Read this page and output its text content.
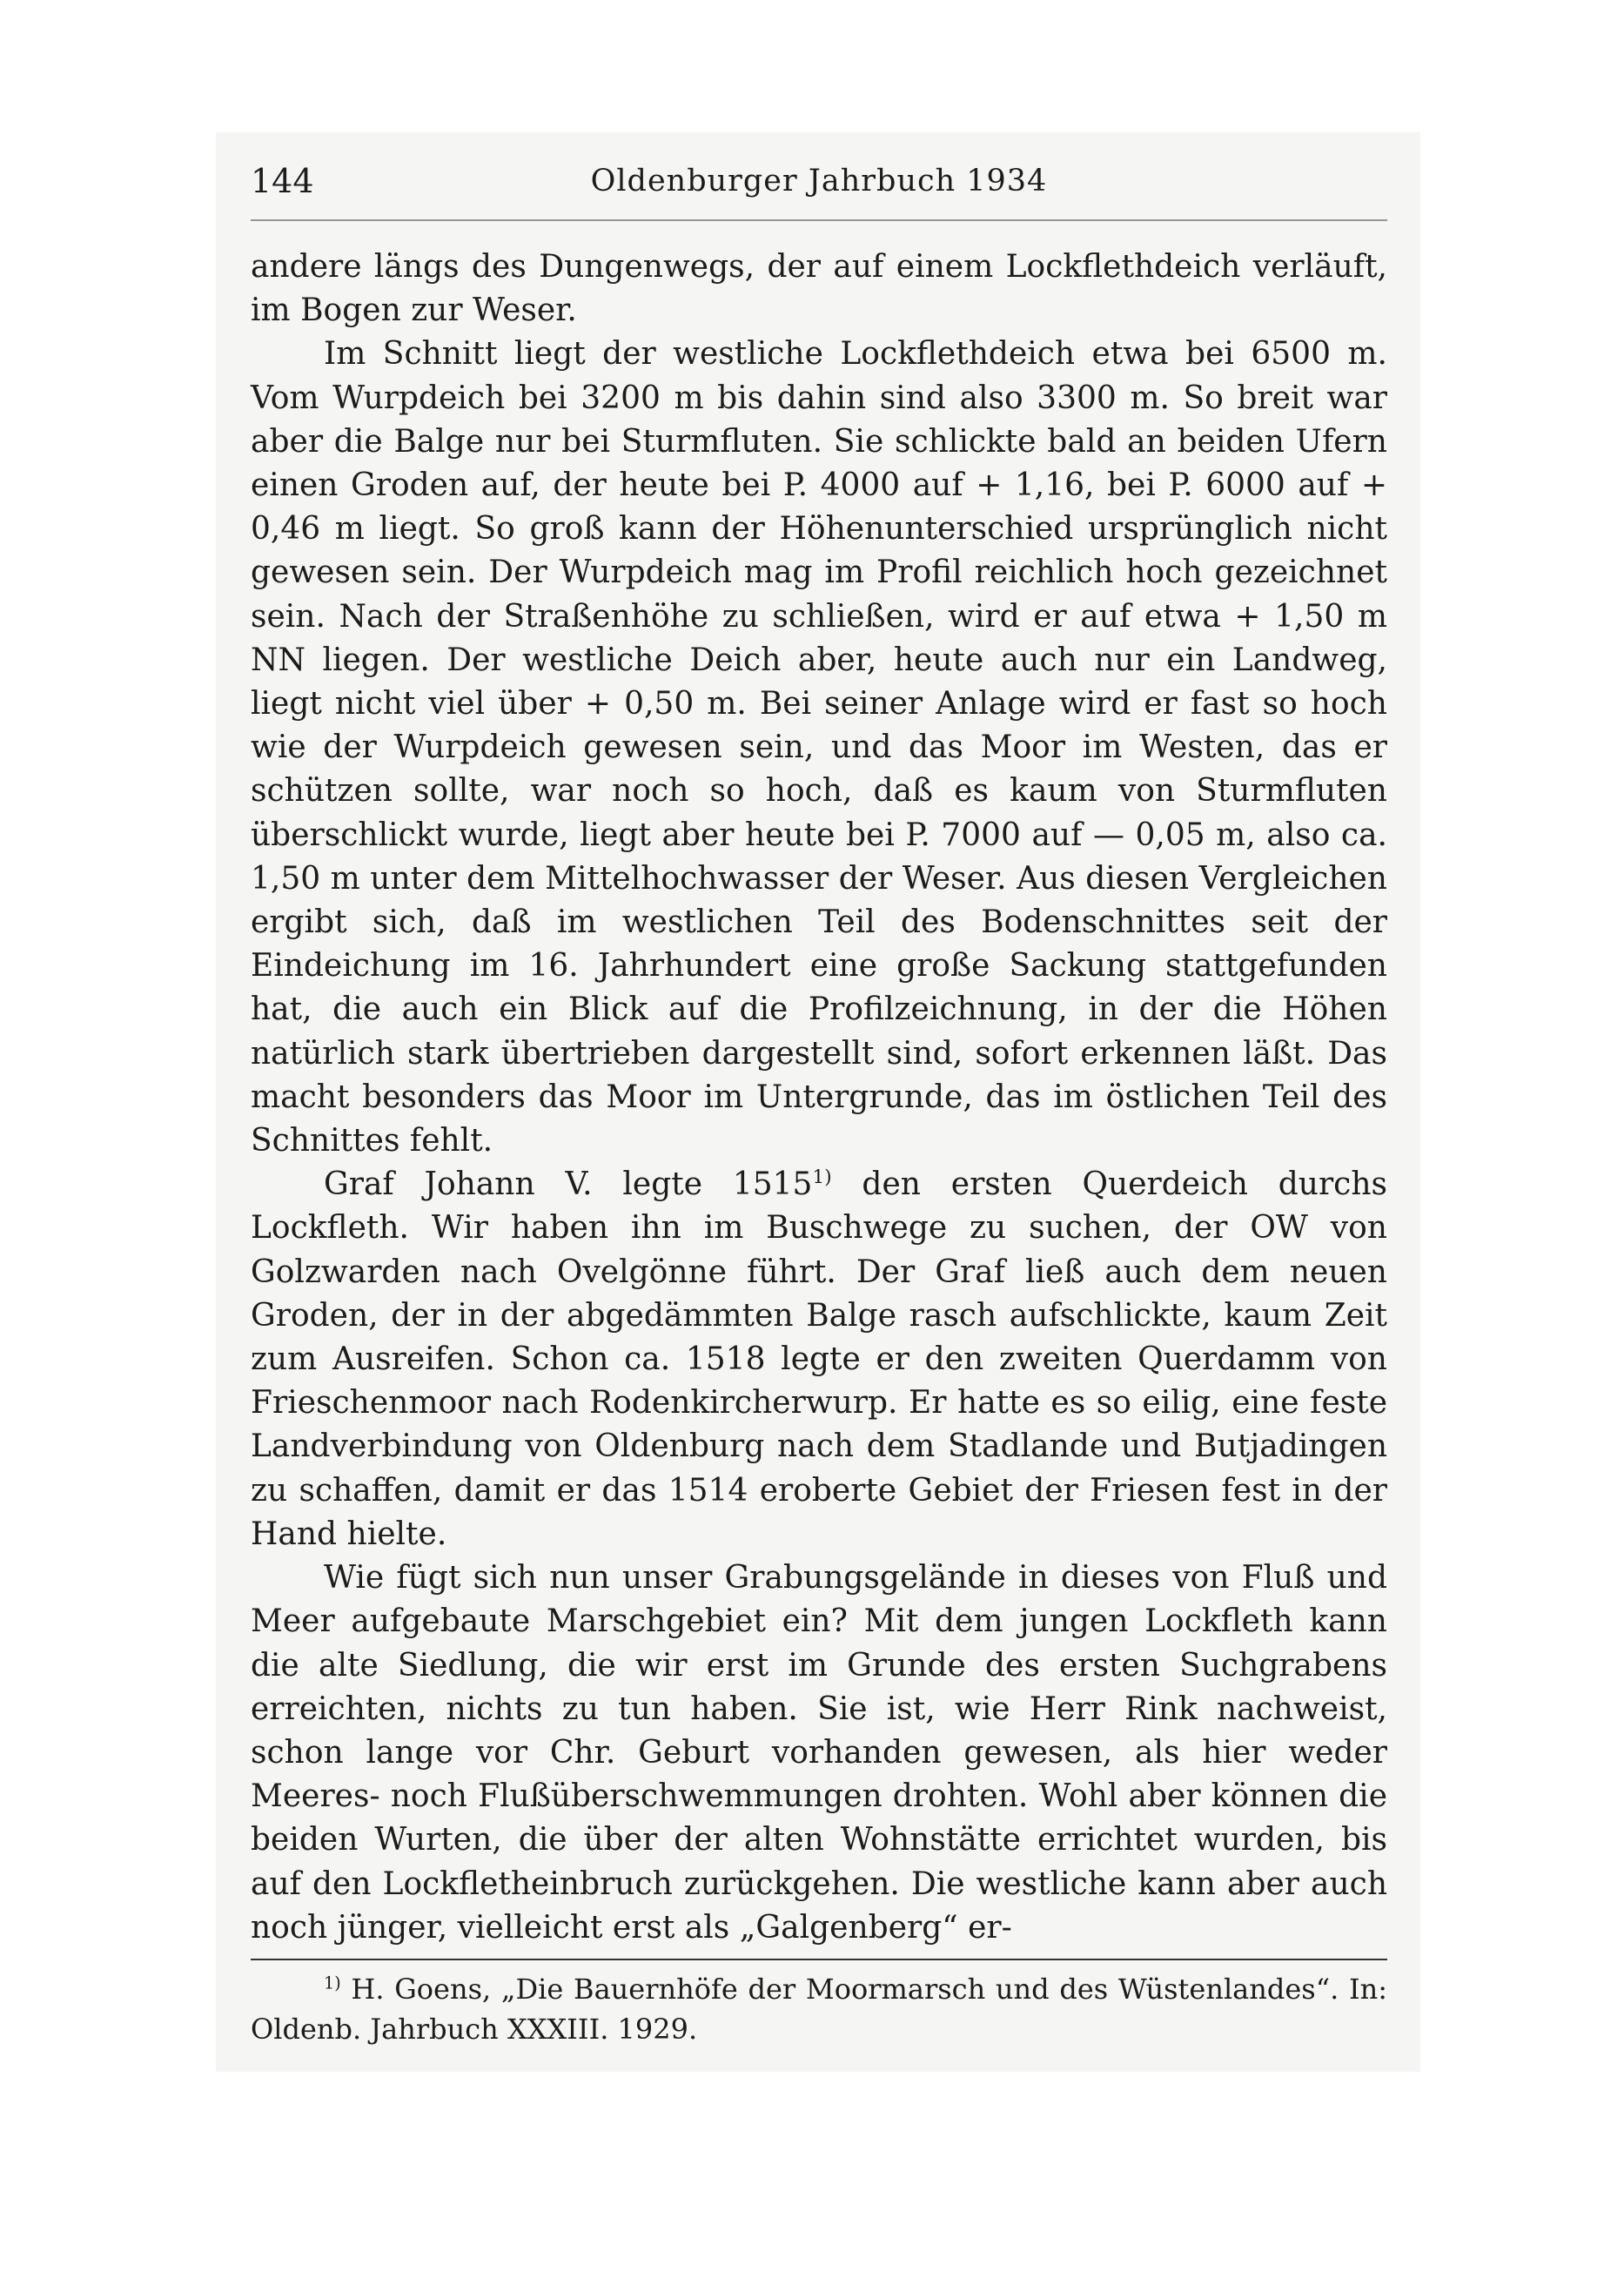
144	Oldenburger Jahrbuch 1934

andere längs des Dungenwegs, der auf einem Lockflethdeich verläuft, im Bogen zur Weser.

Im Schnitt liegt der westliche Lockflethdeich etwa bei 6500 m. Vom Wurpdeich bei 3200 m bis dahin sind also 3300 m. So breit war aber die Balge nur bei Sturmfluten. Sie schlickte bald an beiden Ufern einen Groden auf, der heute bei P. 4000 auf + 1,16, bei P. 6000 auf + 0,46 m liegt. So groß kann der Höhenunterschied ursprünglich nicht gewesen sein. Der Wurpdeich mag im Profil reichlich hoch gezeichnet sein. Nach der Straßenhöhe zu schließen, wird er auf etwa + 1,50 m NN liegen. Der westliche Deich aber, heute auch nur ein Landweg, liegt nicht viel über + 0,50 m. Bei seiner Anlage wird er fast so hoch wie der Wurpdeich gewesen sein, und das Moor im Westen, das er schützen sollte, war noch so hoch, daß es kaum von Sturmfluten überschlickt wurde, liegt aber heute bei P. 7000 auf — 0,05 m, also ca. 1,50 m unter dem Mittelhochwasser der Weser. Aus diesen Vergleichen ergibt sich, daß im westlichen Teil des Bodenschnittes seit der Eindeichung im 16. Jahrhundert eine große Sackung stattgefunden hat, die auch ein Blick auf die Profilzeichnung, in der die Höhen natürlich stark übertrieben dargestellt sind, sofort erkennen läßt. Das macht besonders das Moor im Untergrunde, das im östlichen Teil des Schnittes fehlt.

Graf Johann V. legte 1515$^{1)}$ den ersten Querdeich durchs Lockfleth. Wir haben ihn im Buschwege zu suchen, der OW von Golzwarden nach Ovelgönne führt. Der Graf ließ auch dem neuen Groden, der in der abgedämmten Balge rasch aufschlickte, kaum Zeit zum Ausreifen. Schon ca. 1518 legte er den zweiten Querdamm von Frieschenmoor nach Rodenkircherwurp. Er hatte es so eilig, eine feste Landverbindung von Oldenburg nach dem Stadlande und Butjadingen zu schaffen, damit er das 1514 eroberte Gebiet der Friesen fest in der Hand hielte.

Wie fügt sich nun unser Grabungsgelände in dieses von Fluß und Meer aufgebaute Marschgebiet ein? Mit dem jungen Lockfleth kann die alte Siedlung, die wir erst im Grunde des ersten Suchgrabens erreichten, nichts zu tun haben. Sie ist, wie Herr Rink nachweist, schon lange vor Chr. Geburt vorhanden gewesen, als hier weder Meeres- noch Flußüberschwemmungen drohten. Wohl aber können die beiden Wurten, die über der alten Wohnstätte errichtet wurden, bis auf den Lockfletheinbruch zurückgehen. Die westliche kann aber auch noch jünger, vielleicht erst als „Galgenberg“ er-

$^{1)}$ H. Goens, „Die Bauernhöfe der Moormarsch und des Wüstenlandes“. In: Oldenb. Jahrbuch XXXIII. 1929.
